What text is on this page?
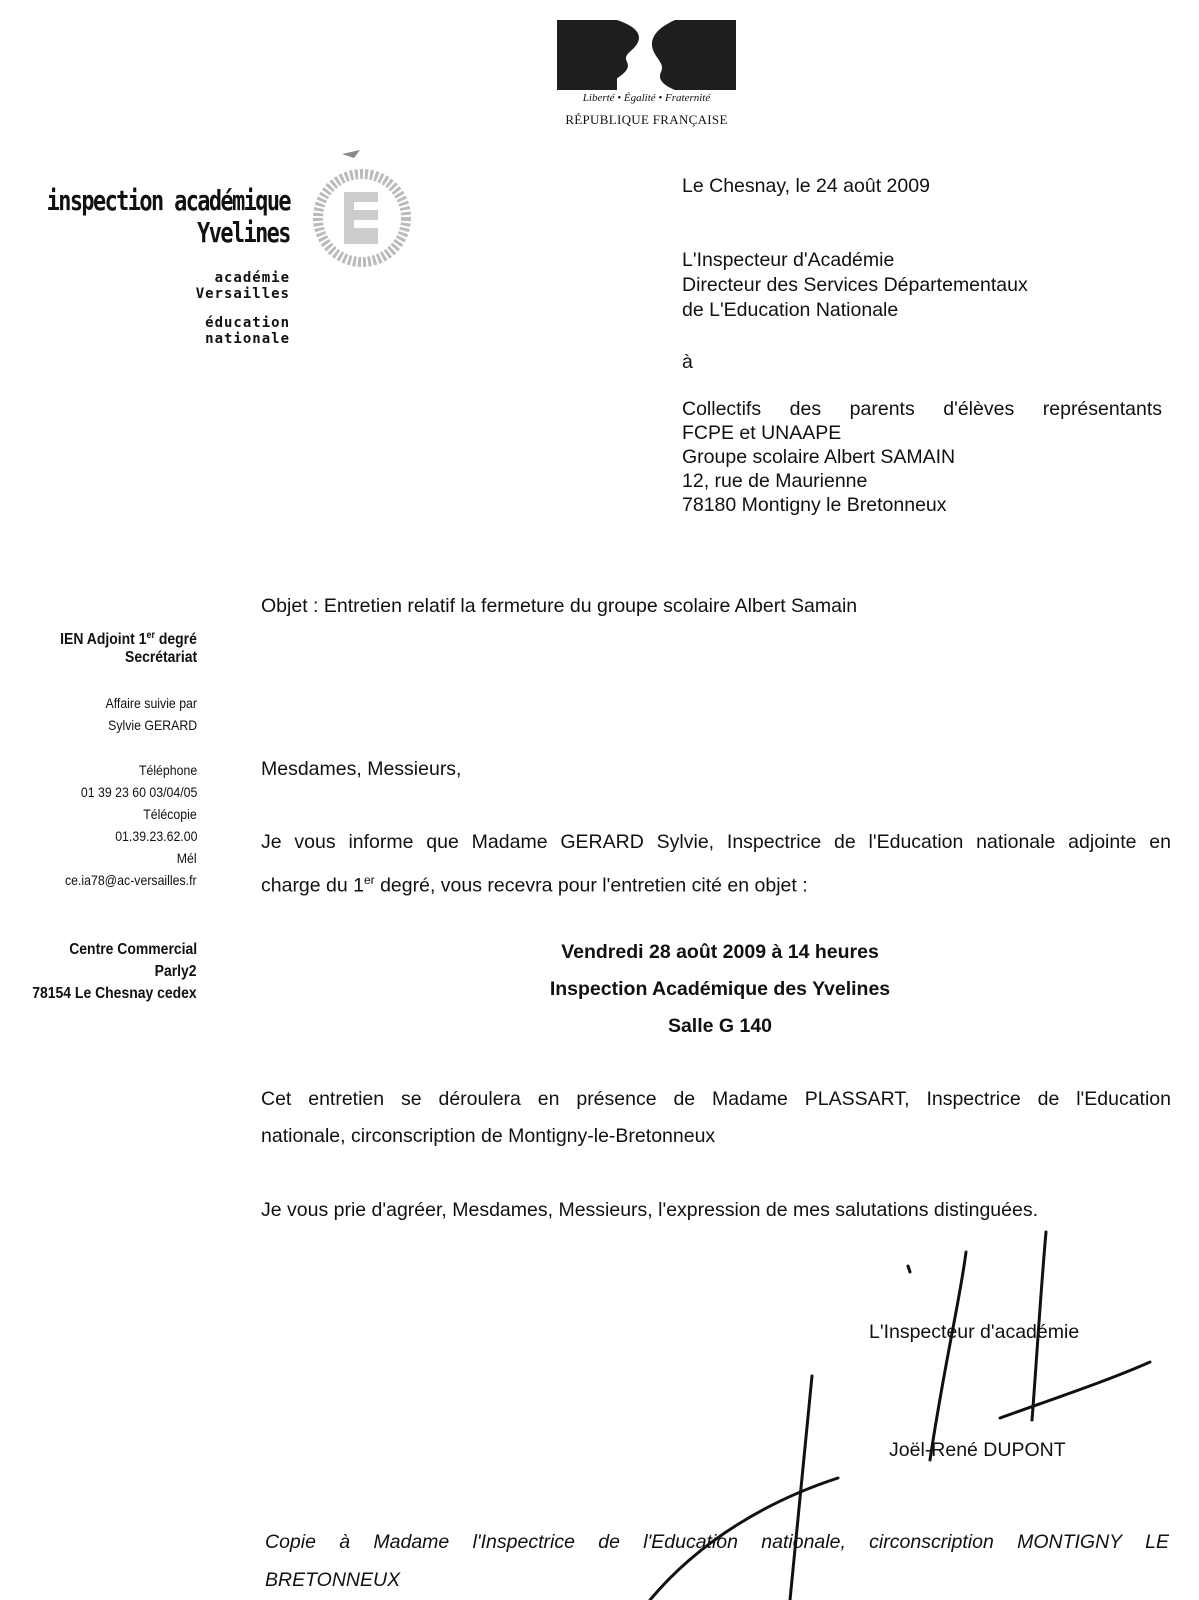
Liberté • Égalité • Fraternité
RÉPUBLIQUE FRANÇAISE
inspection académique
Yvelines
académie
Versailles
éducation
nationale
Le Chesnay, le 24 août 2009
L'Inspecteur d'Académie
Directeur des Services Départementaux
de L'Education Nationale
à
Collectifs des parents d'élèves représentants
FCPE et UNAAPE
Groupe scolaire Albert SAMAIN
12, rue de Maurienne
78180 Montigny le Bretonneux
Objet : Entretien relatif la fermeture du groupe scolaire Albert Samain
IEN Adjoint 1er degré
Secrétariat
Affaire suivie par
Sylvie GERARD
Téléphone
01 39 23 60 03/04/05
Télécopie
01.39.23.62.00
Mél
ce.ia78@ac-versailles.fr
Centre Commercial
Parly2
78154 Le Chesnay cedex
Mesdames, Messieurs,
Je vous informe que Madame GERARD Sylvie, Inspectrice de l'Education nationale adjointe en
charge du 1er degré, vous recevra pour l'entretien cité en objet :
Vendredi 28 août 2009 à 14 heures
Inspection Académique des Yvelines
Salle G 140
Cet entretien se déroulera en présence de Madame PLASSART, Inspectrice de l'Education
nationale, circonscription de Montigny-le-Bretonneux
Je vous prie d'agréer, Mesdames, Messieurs, l'expression de mes salutations distinguées.
L'Inspecteur d'académie
Joël-René DUPONT
Copie à Madame l'Inspectrice de l'Education nationale, circonscription MONTIGNY LE
BRETONNEUX
